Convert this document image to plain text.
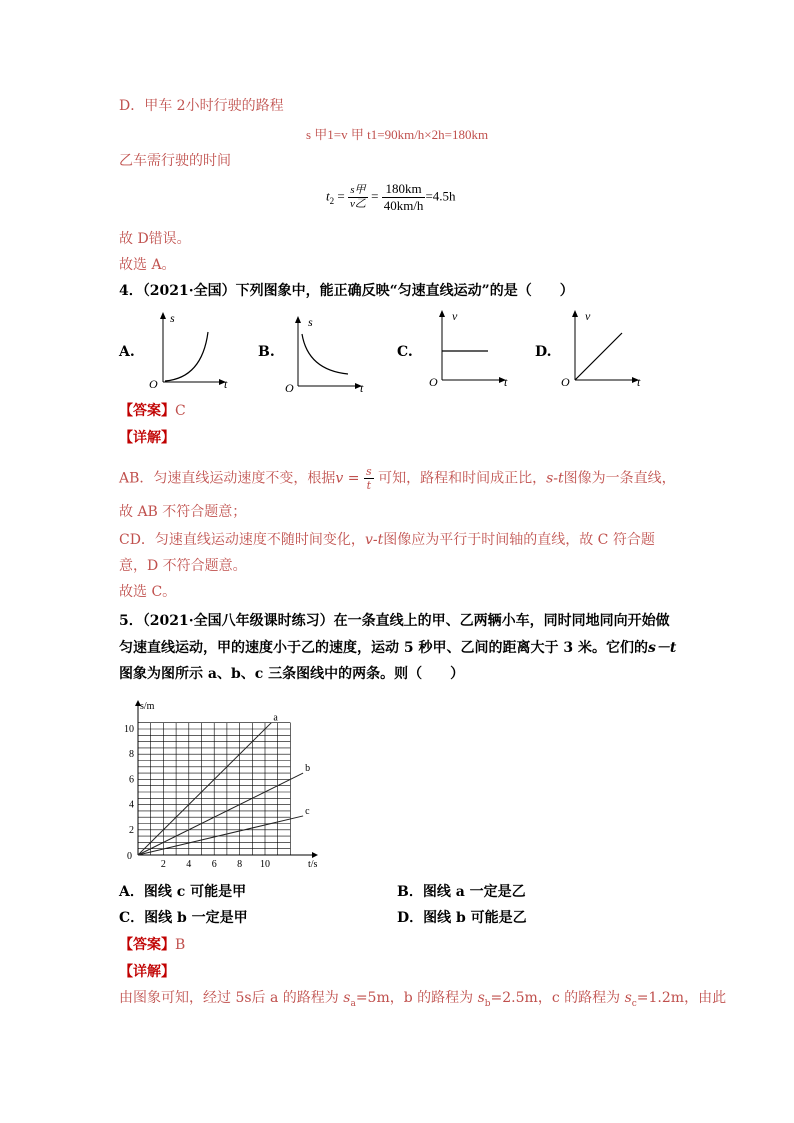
D．甲车 2小时行驶的路程
s 甲1=v 甲 t1=90km/h×2h=180km
乙车需行驶的时间
$t_2 = \frac{\text{s甲}}{\text{v乙}} = \frac{180km}{40km/h} =4.5h$
故 D错误。
故选 A。
4．（2021·全国）下列图象中，能正确反映“匀速直线运动”的是（　　）
A.
s
t
O
B.
s
t
O
C.
v
t
O
D.
v
t
O
【答案】C
【详解】
AB．匀速直线运动速度不变，根据$v = \frac{s}{t}$ 可知，路程和时间成正比，s-t图像为一条直线，
故 AB 不符合题意；
CD．匀速直线运动速度不随时间变化，v-t图像应为平行于时间轴的直线，故 C 符合题
意，D 不符合题意。
故选 C。
5．（2021·全国八年级课时练习）在一条直线上的甲、乙两辆小车，同时同地同向开始做
匀速直线运动，甲的速度小于乙的速度，运动 5 秒甲、乙间的距离大于 3 米。它们的s－t
图象为图所示 a、b、c 三条图线中的两条。则（　　）
2 4 6 8 10
2
4
6
8
10
a
b
c
s/m
t/s
0
A．图线 c 可能是甲	B．图线 a 一定是乙
C．图线 b 一定是甲	D．图线 b 可能是乙
【答案】B
【详解】
由图象可知，经过 5s后 a 的路程为 $s_a=5m$，b 的路程为 $s_b=2.5m$，c 的路程为 $s_c=1.2m$，由此
